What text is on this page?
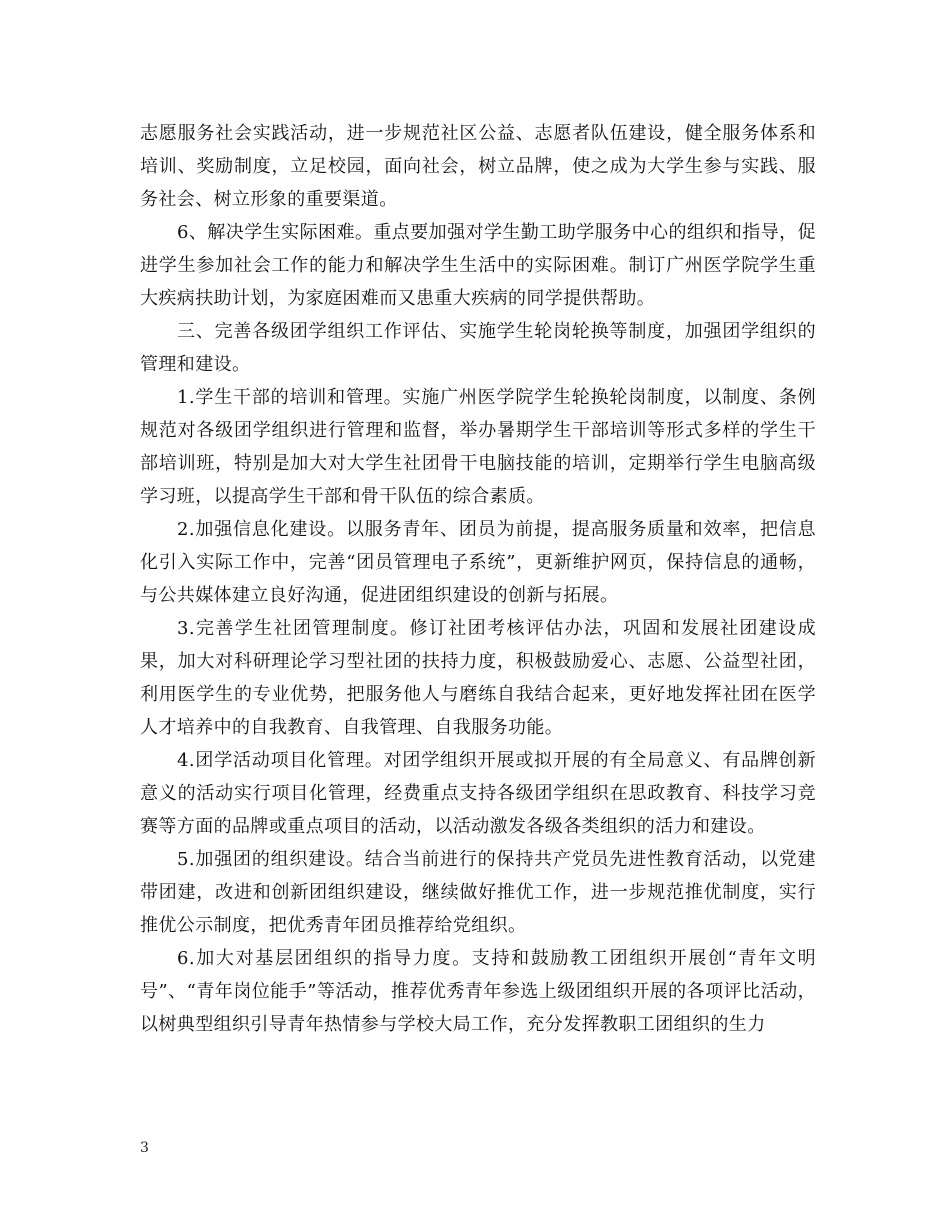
志愿服务社会实践活动，进一步规范社区公益、志愿者队伍建设，健全服务体系和培训、奖励制度，立足校园，面向社会，树立品牌，使之成为大学生参与实践、服务社会、树立形象的重要渠道。

6、解决学生实际困难。重点要加强对学生勤工助学服务中心的组织和指导，促进学生参加社会工作的能力和解决学生生活中的实际困难。制订广州医学院学生重大疾病扶助计划，为家庭困难而又患重大疾病的同学提供帮助。

三、完善各级团学组织工作评估、实施学生轮岗轮换等制度，加强团学组织的管理和建设。

1.学生干部的培训和管理。实施广州医学院学生轮换轮岗制度，以制度、条例规范对各级团学组织进行管理和监督，举办暑期学生干部培训等形式多样的学生干部培训班，特别是加大对大学生社团骨干电脑技能的培训，定期举行学生电脑高级学习班，以提高学生干部和骨干队伍的综合素质。

2.加强信息化建设。以服务青年、团员为前提，提高服务质量和效率，把信息化引入实际工作中，完善“团员管理电子系统”，更新维护网页，保持信息的通畅，与公共媒体建立良好沟通，促进团组织建设的创新与拓展。

3.完善学生社团管理制度。修订社团考核评估办法，巩固和发展社团建设成果，加大对科研理论学习型社团的扶持力度，积极鼓励爱心、志愿、公益型社团，利用医学生的专业优势，把服务他人与磨练自我结合起来，更好地发挥社团在医学人才培养中的自我教育、自我管理、自我服务功能。

4.团学活动项目化管理。对团学组织开展或拟开展的有全局意义、有品牌创新意义的活动实行项目化管理，经费重点支持各级团学组织在思政教育、科技学习竞赛等方面的品牌或重点项目的活动，以活动激发各级各类组织的活力和建设。

5.加强团的组织建设。结合当前进行的保持共产党员先进性教育活动，以党建带团建，改进和创新团组织建设，继续做好推优工作，进一步规范推优制度，实行推优公示制度，把优秀青年团员推荐给党组织。

6.加大对基层团组织的指导力度。支持和鼓励教工团组织开展创“青年文明号”、“青年岗位能手”等活动，推荐优秀青年参选上级团组织开展的各项评比活动，以树典型组织引导青年热情参与学校大局工作，充分发挥教职工团组织的生力

3
